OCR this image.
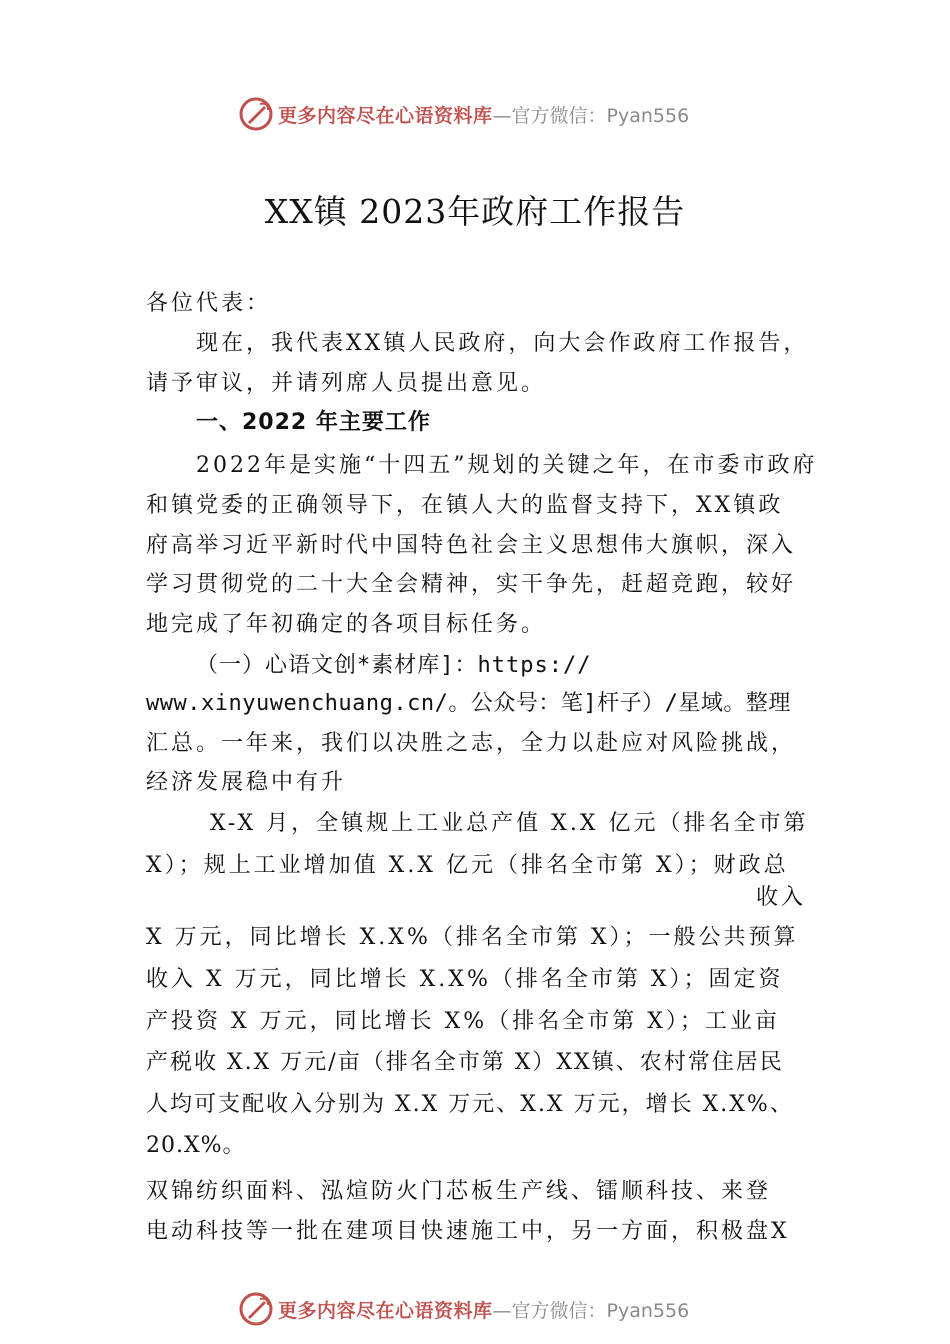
更多内容尽在心语资料库 —官方微信：Pyan556
XX镇 2023年政府工作报告
各位代表：
现在，我代表XX镇人民政府，向大会作政府工作报告，
请予审议，并请列席人员提出意见。
一、2022 年主要工作
2022年是实施“十四五”规划的关键之年，在市委市政府
和镇党委的正确领导下，在镇人大的监督支持下，XX镇政
府高举习近平新时代中国特色社会主义思想伟大旗帜，深入
学习贯彻党的二十大全会精神，实干争先，赶超竞跑，较好
地完成了年初确定的各项目标任务。
（一）心语文创*素材库]：https://
www.xinyuwenchuang.cn/。公众号：笔]杆子）/星域。整理
汇总。一年来，我们以决胜之志，全力以赴应对风险挑战，
经济发展稳中有升
X-X 月，全镇规上工业总产值 X.X 亿元（排名全市第
X）；规上工业增加值 X.X 亿元（排名全市第 X）；财政总
收入
X 万元，同比增长 X.X%（排名全市第 X）；一般公共预算
收入 X 万元，同比增长 X.X%（排名全市第 X）；固定资
产投资 X 万元，同比增长 X%（排名全市第 X）；工业亩
产税收 X.X 万元/亩（排名全市第 X）XX镇、农村常住居民
人均可支配收入分别为 X.X 万元、X.X 万元，增长 X.X%、
20.X%。
双锦纺织面料、泓煊防火门芯板生产线、镭顺科技、来登
电动科技等一批在建项目快速施工中，另一方面，积极盘X
更多内容尽在心语资料库 —官方微信：Pyan556
